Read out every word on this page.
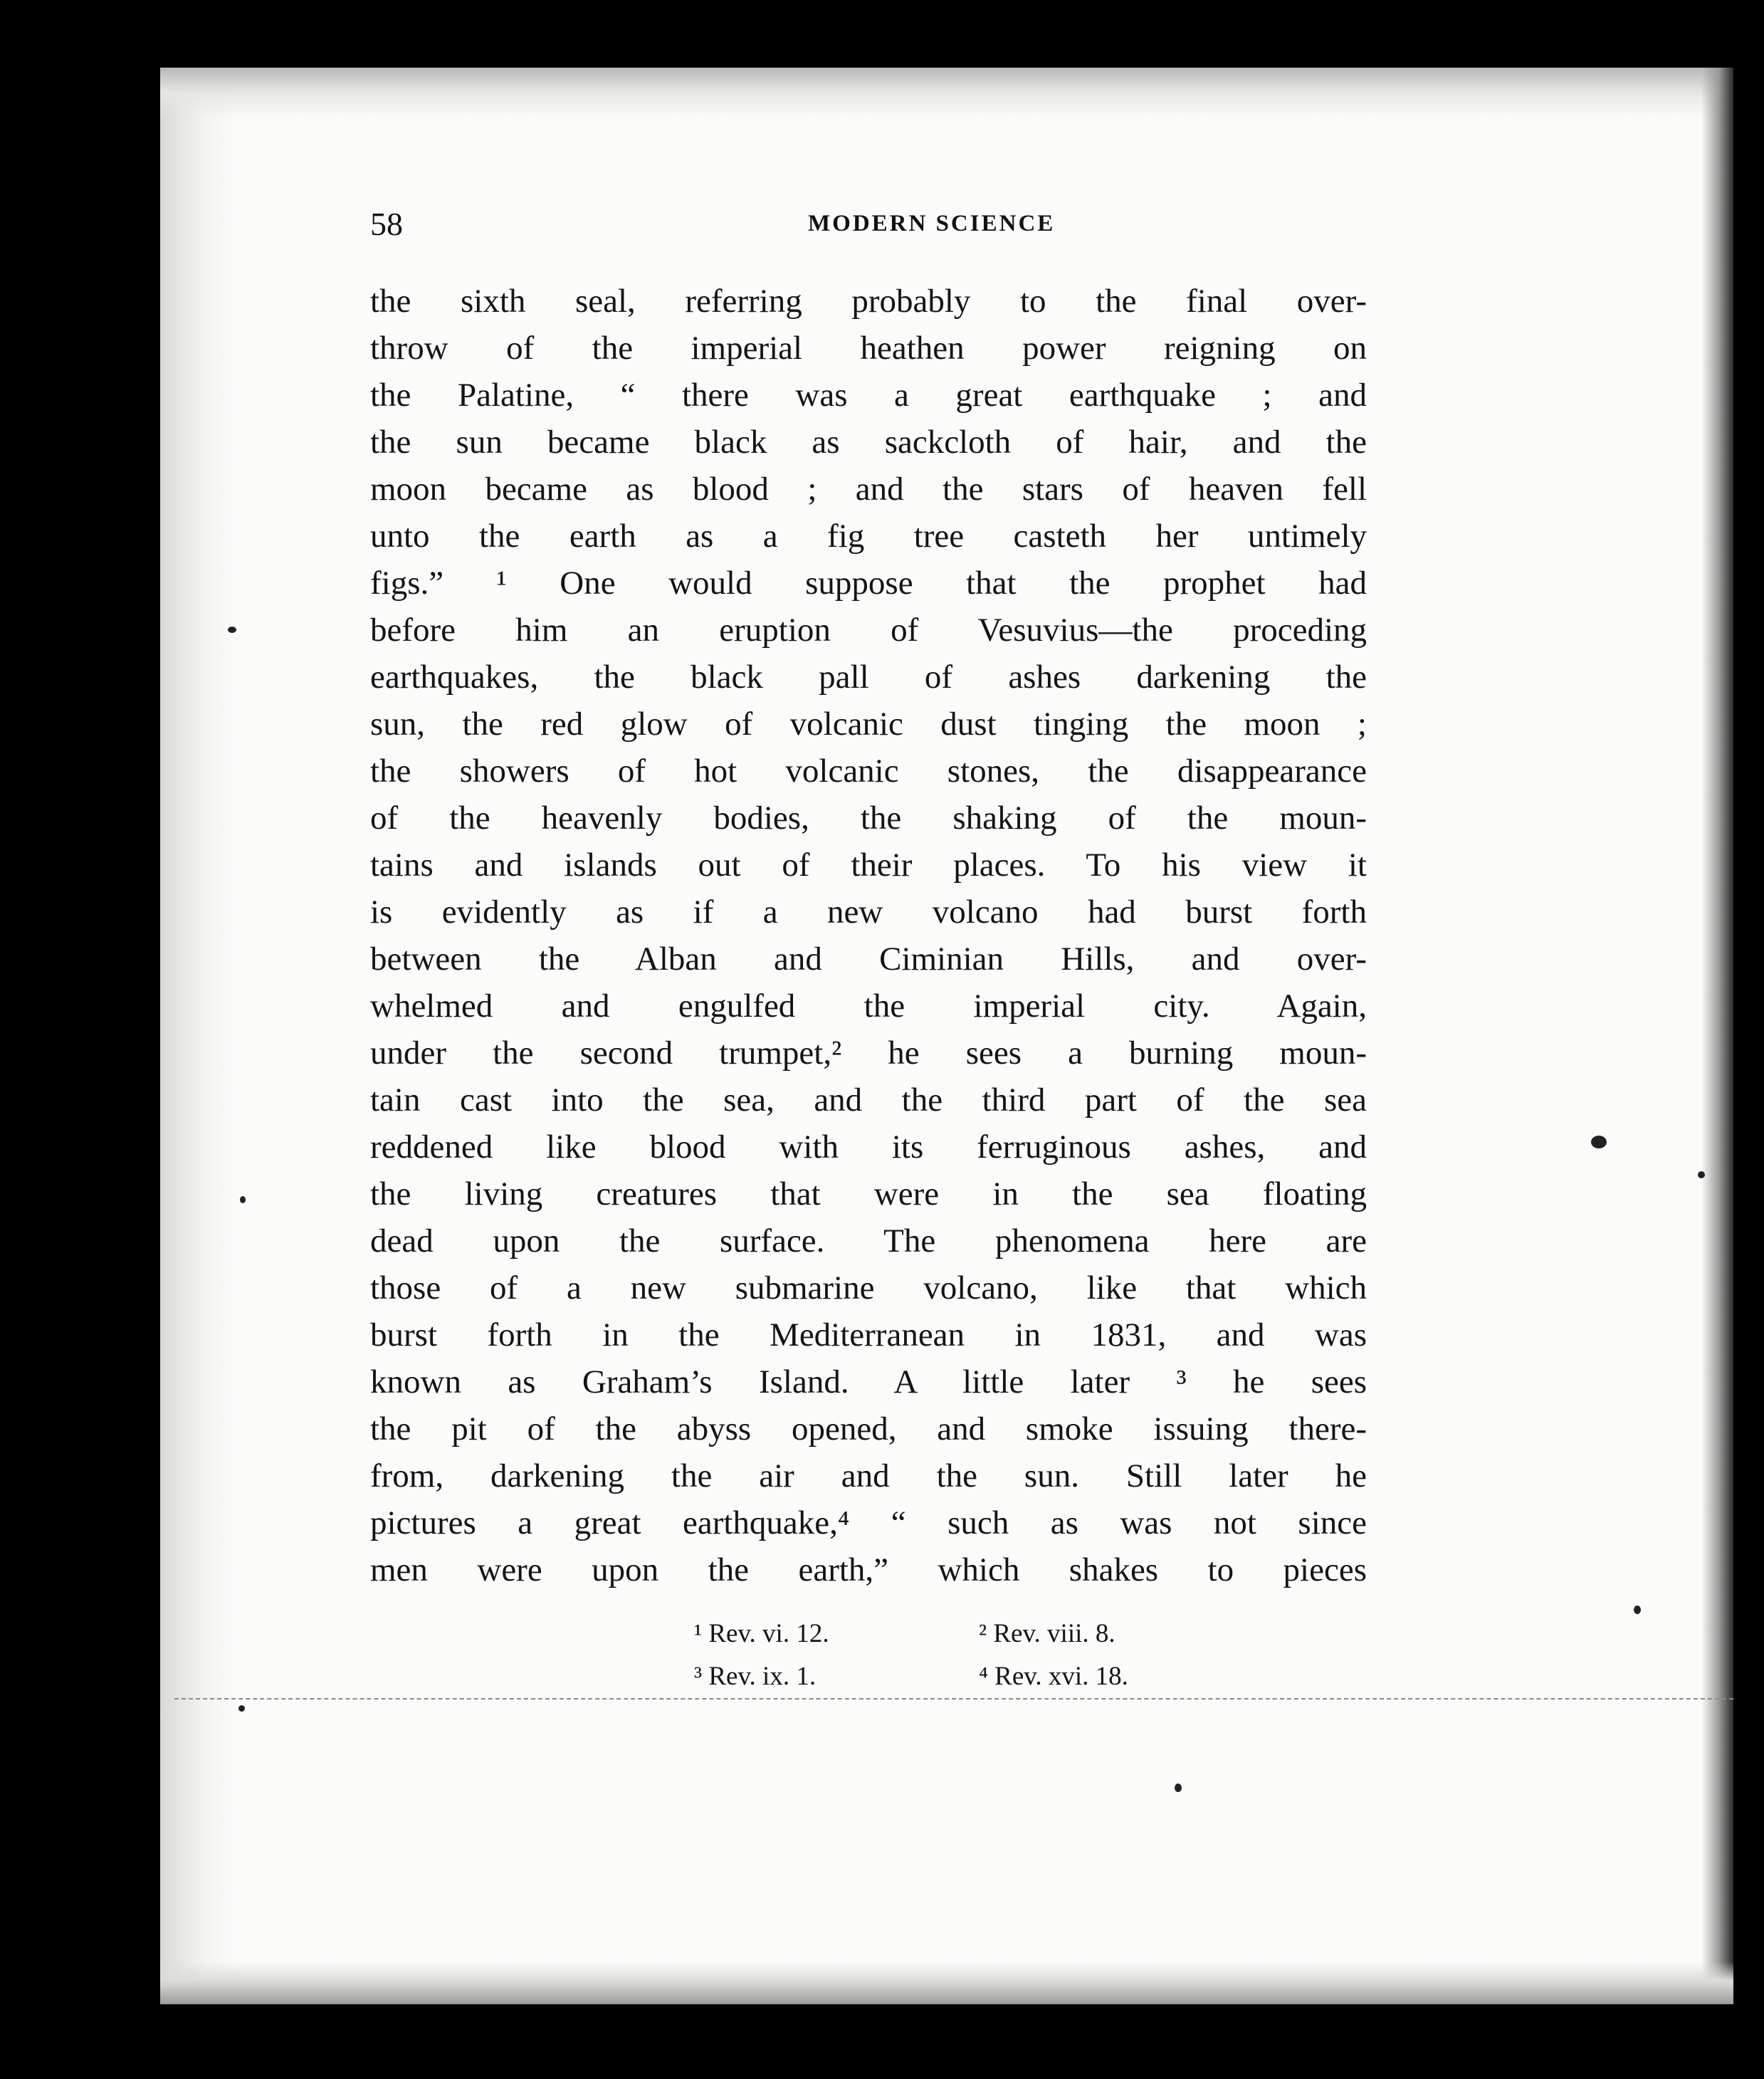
58	MODERN SCIENCE
the sixth seal, referring probably to the final over-
throw of the imperial heathen power reigning on
the Palatine, “ there was a great earthquake ; and
the sun became black as sackcloth of hair, and the
moon became as blood ; and the stars of heaven fell
unto the earth as a fig tree casteth her untimely
figs.” ¹ One would suppose that the prophet had
before him an eruption of Vesuvius—the proceding
earthquakes, the black pall of ashes darkening the
sun, the red glow of volcanic dust tinging the moon ;
the showers of hot volcanic stones, the disappearance
of the heavenly bodies, the shaking of the moun-
tains and islands out of their places. To his view it
is evidently as if a new volcano had burst forth
between the Alban and Ciminian Hills, and over-
whelmed and engulfed the imperial city. Again,
under the second trumpet,² he sees a burning moun-
tain cast into the sea, and the third part of the sea
reddened like blood with its ferruginous ashes, and
the living creatures that were in the sea floating
dead upon the surface. The phenomena here are
those of a new submarine volcano, like that which
burst forth in the Mediterranean in 1831, and was
known as Graham’s Island. A little later ³ he sees
the pit of the abyss opened, and smoke issuing there-
from, darkening the air and the sun. Still later he
pictures a great earthquake,⁴ “ such as was not since
men were upon the earth,” which shakes to pieces
¹ Rev. vi. 12.	² Rev. viii. 8.
³ Rev. ix. 1.	⁴ Rev. xvi. 18.
